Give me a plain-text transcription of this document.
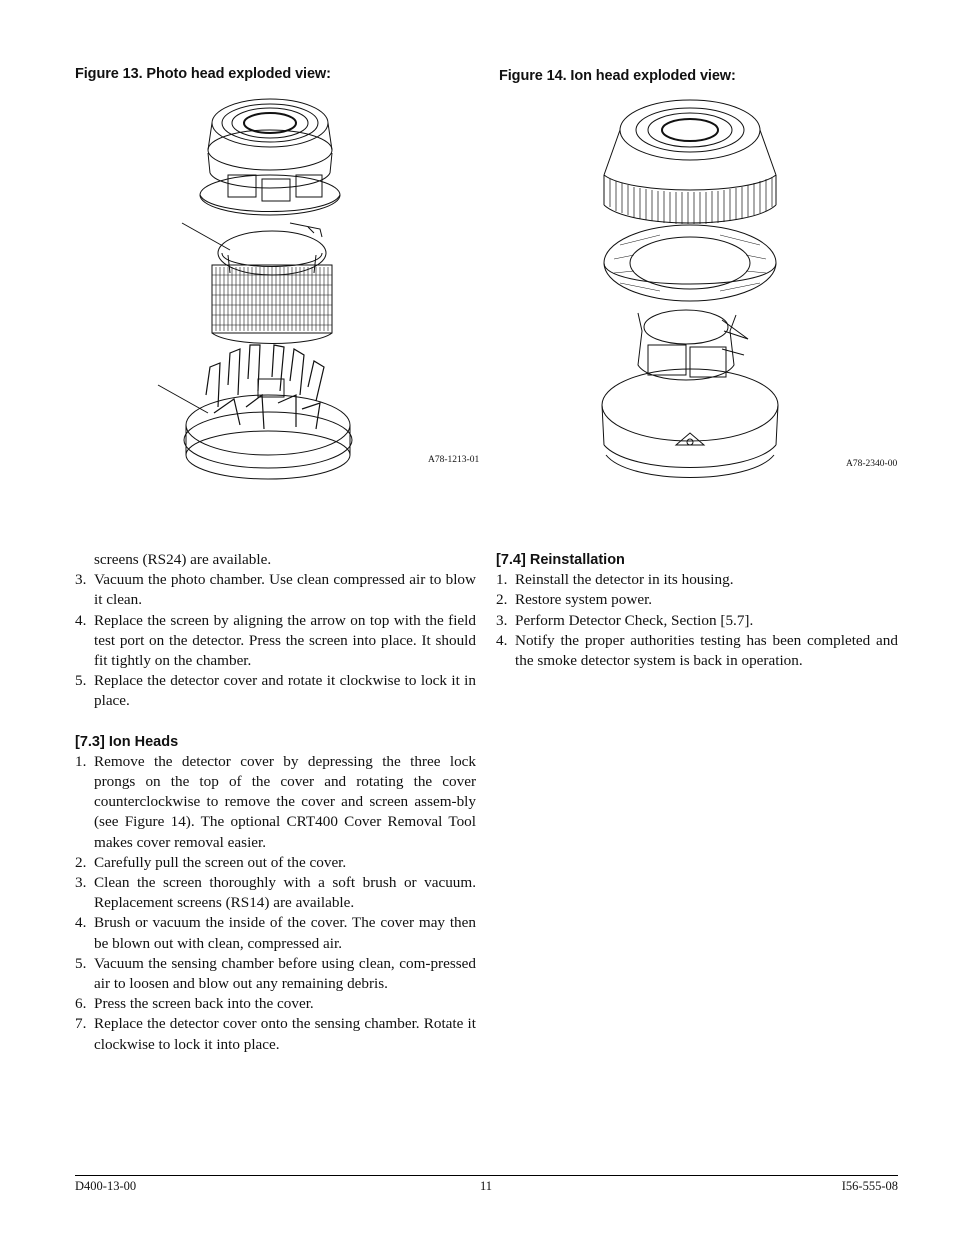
Figure 13. Photo head exploded view:	Figure 14. Ion head exploded view:
A78-1213-01	A78-2340-00

screens (RS24) are available.

3. Vacuum the photo chamber. Use clean compressed air to blow it clean.
4. Replace the screen by aligning the arrow on top with the field test port on the detector. Press the screen into place. It should fit tightly on the chamber.
5. Replace the detector cover and rotate it clockwise to lock it in place.

[7.3] Ion Heads

1. Remove the detector cover by depressing the three lock prongs on the top of the cover and rotating the cover counterclockwise to remove the cover and screen assem-bly (see Figure 14). The optional CRT400 Cover Removal Tool makes cover removal easier.
2. Carefully pull the screen out of the cover.
3. Clean the screen thoroughly with a soft brush or vacuum. Replacement screens (RS14) are available.
4. Brush or vacuum the inside of the cover. The cover may then be blown out with clean, compressed air.
5. Vacuum the sensing chamber before using clean, com-pressed air to loosen and blow out any remaining debris.
6. Press the screen back into the cover.
7. Replace the detector cover onto the sensing chamber. Rotate it clockwise to lock it into place.

[7.4] Reinstallation

1. Reinstall the detector in its housing.
2. Restore system power.
3. Perform Detector Check, Section [5.7].
4. Notify the proper authorities testing has been completed and the smoke detector system is back in operation.
D400-13-00	11	I56-555-08
